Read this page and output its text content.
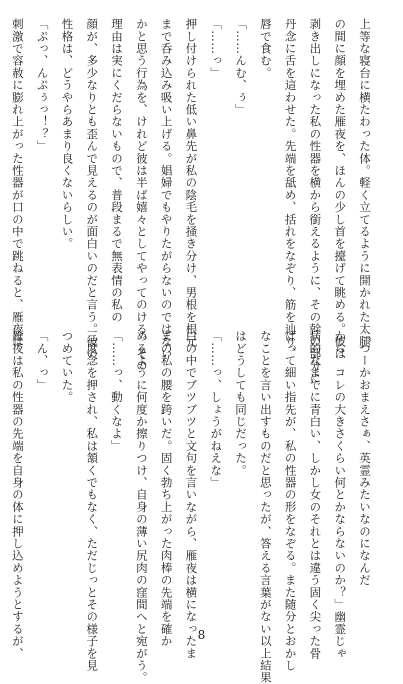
上等な寝台に横たわった体。軽く立てるように開かれた太腿
の間に顔を埋めた雁夜を、ほんの少し首を擡げて眺める。彼は
剥き出しになった私の性器を横から銜えるように、その幹の部分に
丹念に舌を這わせた。先端を舐め、括れをなぞり、筋を辿り、
唇で食む。
「……んむ、ぅ」
「……っ」
押し付けられた低い鼻先が私の陰毛を掻き分け、男根を根元
まで呑み込み吸い上げる。娼婦でもやりたがらないのではない
かと思う行為を、けれど彼は半ば嬉々としてやってのける。その
理由は実にくだらないもので、普段まるで無表情の私の
顔が、多少なりとも歪んで見えるのが面白いのだと言う。彼の
性格は、どうやらあまり良くないらしい。
「ぷっ、んぷぅっ！？」
刺激で容赦に膨れ上がった性器が口の中で跳ねると、雁夜は
「つーかおまえさぁ、英霊みたいなのになんだ
から、コレの大きさくらい何とかならないのか？」幽霊じゃ
病的なまでに青白い、しかし女のそれとは違う固く尖った骨
ばって細い指先が、私の性器の形をなぞる。また随分とおかし
なことを言い出すものだと思ったが、答える言葉がない以上結果
はどうしても同じだった。
「……っ、しょうがねえな」
口の中でブツブツと文句を言いながら、雁夜は横になったま
まの私の腰を跨いだ。固く勃ち上がった肉棒の先端を確か
めるように何度か擦りつけ、自身の薄い尻肉の窪間へと宛がう。
「……っ、動くなよ」
三度念を押され、私は頷くでもなく、ただじっとその様子を見
つめていた。
「ん、っ」
雁夜は私の性器の先端を自身の体に押し込めようとするが、	8
